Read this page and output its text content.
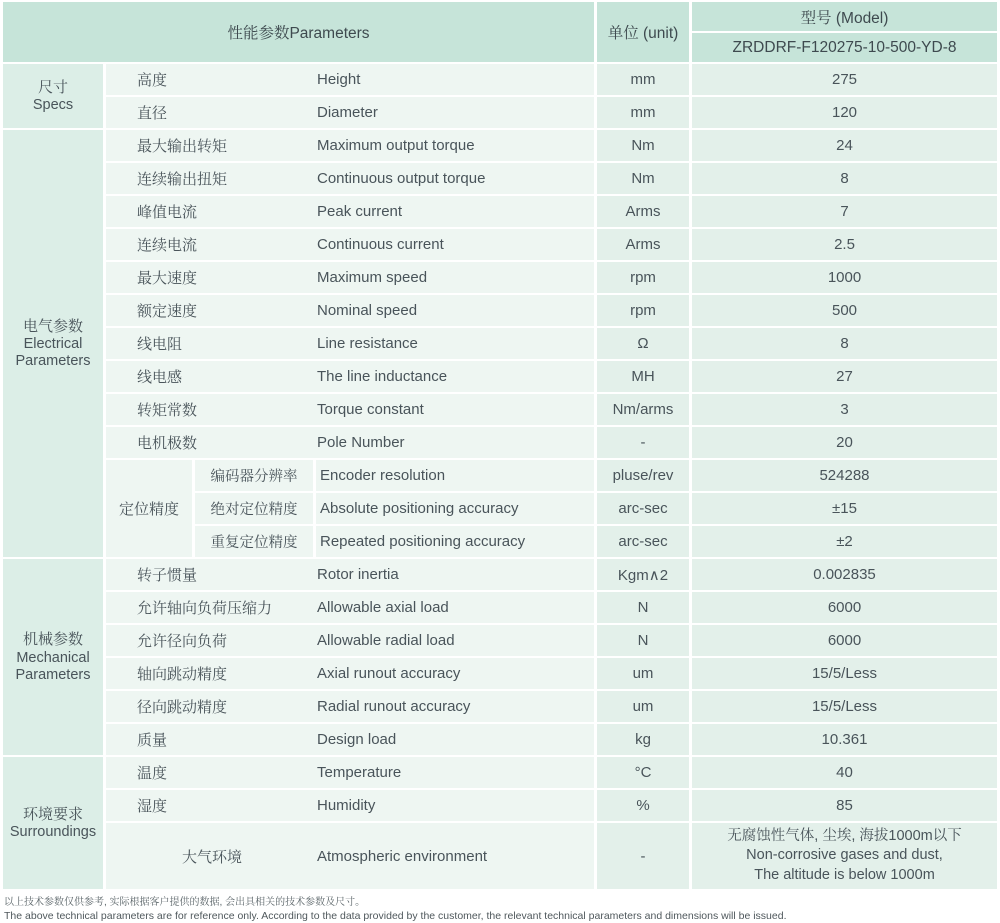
性能参数Parameters				单位 (unit)	型号 (Model)
					ZRDDRF-F120275-10-500-YD-8

尺寸
Specs	高度 Height			mm	275
	直径 Diameter			mm	120

电气参数
Electrical Parameters	最大输出转矩 Maximum output torque			Nm	24
	连续输出扭矩 Continuous output torque			Nm	8
	峰值电流 Peak current			Arms	7
	连续电流 Continuous current			Arms	2.5
	最大速度 Maximum speed			rpm	1000
	额定速度 Nominal speed			rpm	500
	线电阻 Line resistance			Ω	8
	线电感 The line inductance			MH	27
	转矩常数 Torque constant			Nm/arms	3
	电机极数 Pole Number			-	20
	定位精度	编码器分辨率	Encoder resolution	pluse/rev	524288
		绝对定位精度	Absolute positioning accuracy	arc-sec	±15
		重复定位精度	Repeated positioning accuracy	arc-sec	±2

机械参数
Mechanical Parameters	转子惯量 Rotor inertia			Kgm∧2	0.002835
	允许轴向负荷压缩力 Allowable axial load			N	6000
	允许径向负荷 Allowable radial load			N	6000
	轴向跳动精度 Axial runout accuracy			um	15/5/Less
	径向跳动精度 Radial runout accuracy			um	15/5/Less
	质量 Design load			kg	10.361

环境要求
Surroundings	温度 Temperature			°C	40
	湿度 Humidity			%	85
	大气环境 Atmospheric environment			-	无腐蚀性气体, 尘埃, 海拔1000m以下
Non-corrosive gases and dust,
The altitude is below 1000m
以上技术参数仅供参考, 实际根据客户提供的数据, 会出具相关的技术参数及尺寸。
The above technical parameters are for reference only. According to the data provided by the customer, the relevant technical parameters and dimensions will be issued.
